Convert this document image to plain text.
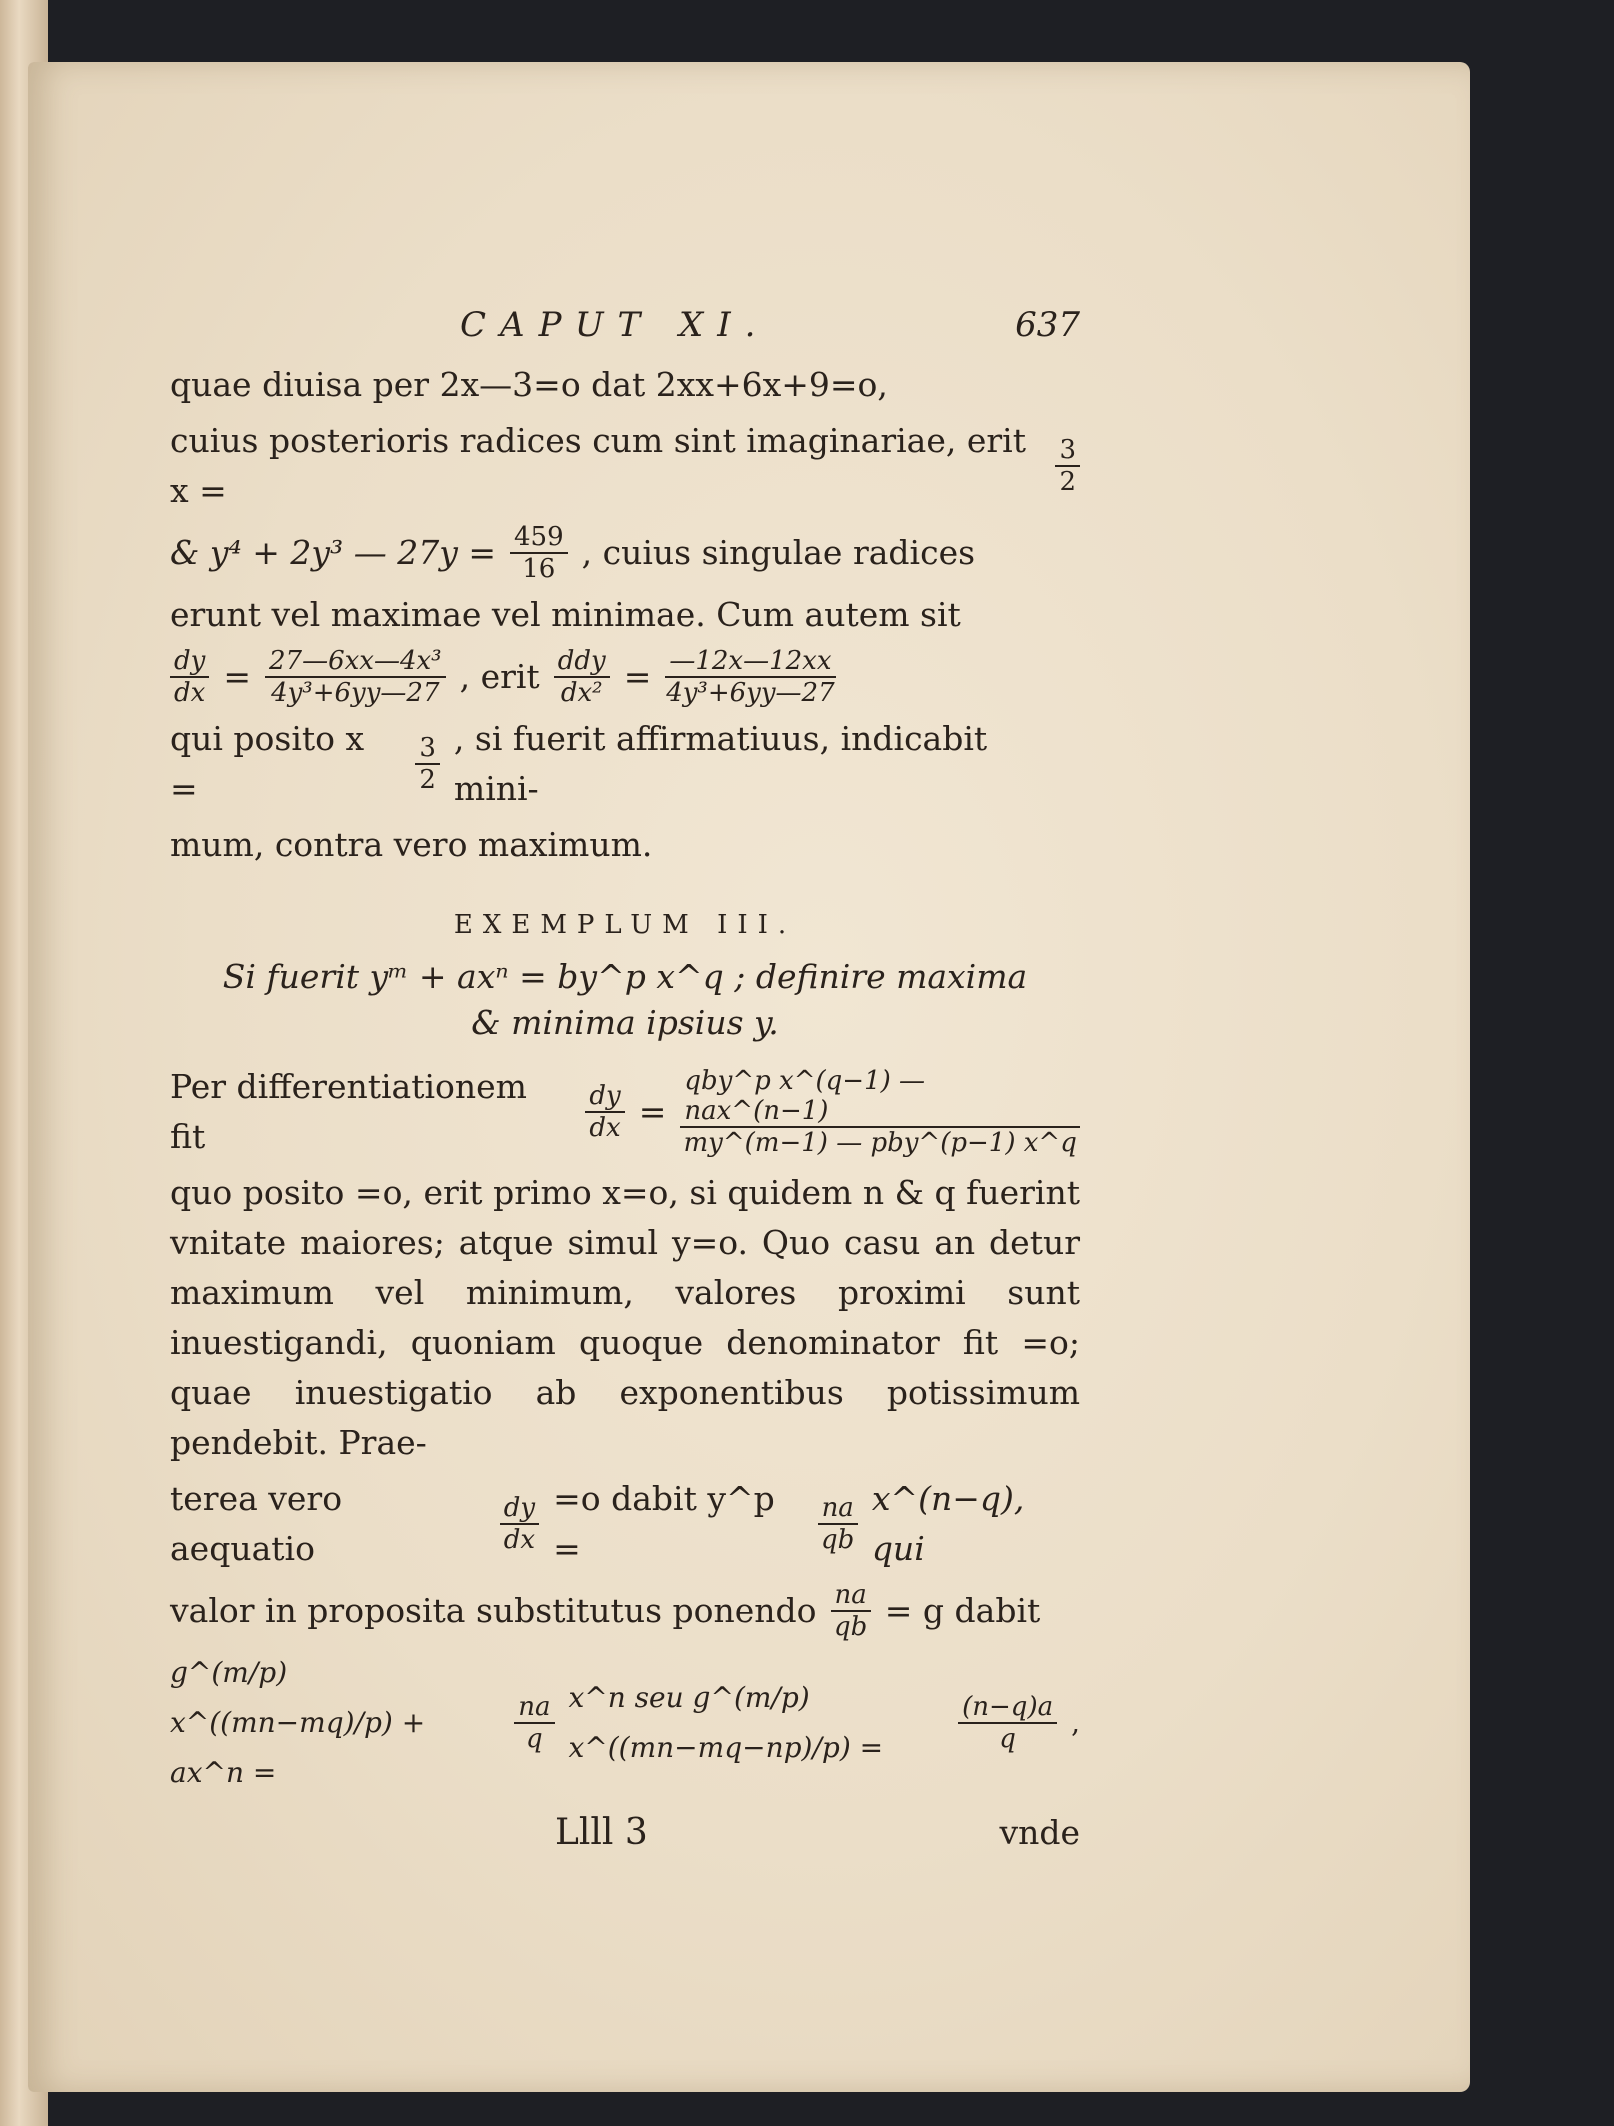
CAPUT XI.	637

quae diuisa per 2x—3=o dat 2xx+6x+9=o,

cuius posterioris radices cum sint imaginariae, erit x =	$\frac{3}{2}$
& y⁴ + 2y³ — $27y = \frac{459}{16}$ , cuius singulae radices

erunt vel maximae vel minimae. Cum autem sit

$\frac{dy}{dx} = \frac{\text{27—6xx—4x³}}{\text{4y³+6yy—27}}$ , erit $\frac{\text{ddy}}{\text{dx²}} = \frac{—12x—12xx}{\text{4y³+6yy—27}}$
qui posito x =	$\frac{3}{2}$ , si fuerit affirmatiuus, indicabit mini-

mum, contra vero maximum.

EXEMPLUM III.
Si fuerit yᵐ + axⁿ = by^p x^q ; definire maxima
& minima ipsius y.
Per differentiationem fit	$\frac{dy}{dx} = \frac{\text{qby\textasciicircum{}p x\textasciicircum{}(q−1) — nax\textasciicircum{}(n−1)}}{\text{my\textasciicircum{}(m−1) — pby\textasciicircum{}(p−1) x\textasciicircum{}q}}$

quo posito =o, erit primo x=o, si quidem n & q fuerint vnitate maiores; atque simul y=o. Quo casu an detur maximum vel minimum, valores proximi sunt inuestigandi, quoniam quoque denominator fit =o; quae inuestigatio ab exponentibus potissimum pendebit. Prae-

terea vero aequatio	$\frac{dy}{dx} =o$ dabit y^p =	$\frac{na}{qb}$ x^(n−q), qui
valor in proposita substitutus ponendo $\frac{na}{qb} = g$ dabit
g^(m/p) x^((mn−mq)/p) + ax^n =
$\frac{na}{q}$ x^n seu g^(m/p) x^((mn−mq−np)/p) =	$\frac{(n-q)a}{q}$ ,
Llll 3	vnde
